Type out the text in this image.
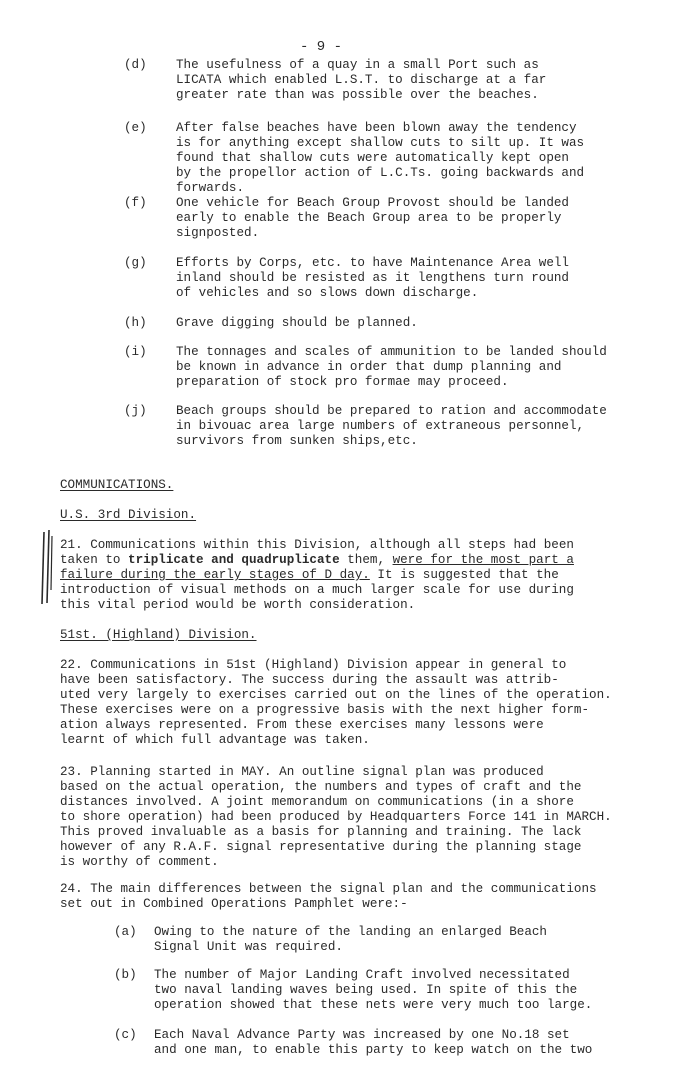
- 9 -
(d) The usefulness of a quay in a small Port such as
LICATA which enabled L.S.T. to discharge at a far
greater rate than was possible over the beaches.
(e) After false beaches have been blown away the tendency
is for anything except shallow cuts to silt up. It was
found that shallow cuts were automatically kept open
by the propellor action of L.C.Ts. going backwards and
forwards.
(f) One vehicle for Beach Group Provost should be landed
early to enable the Beach Group area to be properly
signposted.
(g) Efforts by Corps, etc. to have Maintenance Area well
inland should be resisted as it lengthens turn round
of vehicles and so slows down discharge.
(h) Grave digging should be planned.
(i) The tonnages and scales of ammunition to be landed should
be known in advance in order that dump planning and
preparation of stock pro formae may proceed.
(j) Beach groups should be prepared to ration and accommodate
in bivouac area large numbers of extraneous personnel,
survivors from sunken ships,etc.
COMMUNICATIONS.
U.S. 3rd Division.
21. Communications within this Division, although all steps had been
taken to triplicate and quadruplicate them, were for the most part a
failure during the early stages of D day. It is suggested that the
introduction of visual methods on a much larger scale for use during
this vital period would be worth consideration.
51st. (Highland) Division.
22. Communications in 51st (Highland) Division appear in general to
have been satisfactory. The success during the assault was attrib-
uted very largely to exercises carried out on the lines of the operation.
These exercises were on a progressive basis with the next higher form-
ation always represented. From these exercises many lessons were
learnt of which full advantage was taken.
23. Planning started in MAY. An outline signal plan was produced
based on the actual operation, the numbers and types of craft and the
distances involved. A joint memorandum on communications (in a shore
to shore operation) had been produced by Headquarters Force 141 in MARCH.
This proved invaluable as a basis for planning and training. The lack
however of any R.A.F. signal representative during the planning stage
is worthy of comment.
24. The main differences between the signal plan and the communications
set out in Combined Operations Pamphlet were:-
(a) Owing to the nature of the landing an enlarged Beach
Signal Unit was required.
(b) The number of Major Landing Craft involved necessitated
two naval landing waves being used. In spite of this the
operation showed that these nets were very much too large.
(c) Each Naval Advance Party was increased by one No.18 set
and one man, to enable this party to keep watch on the two
